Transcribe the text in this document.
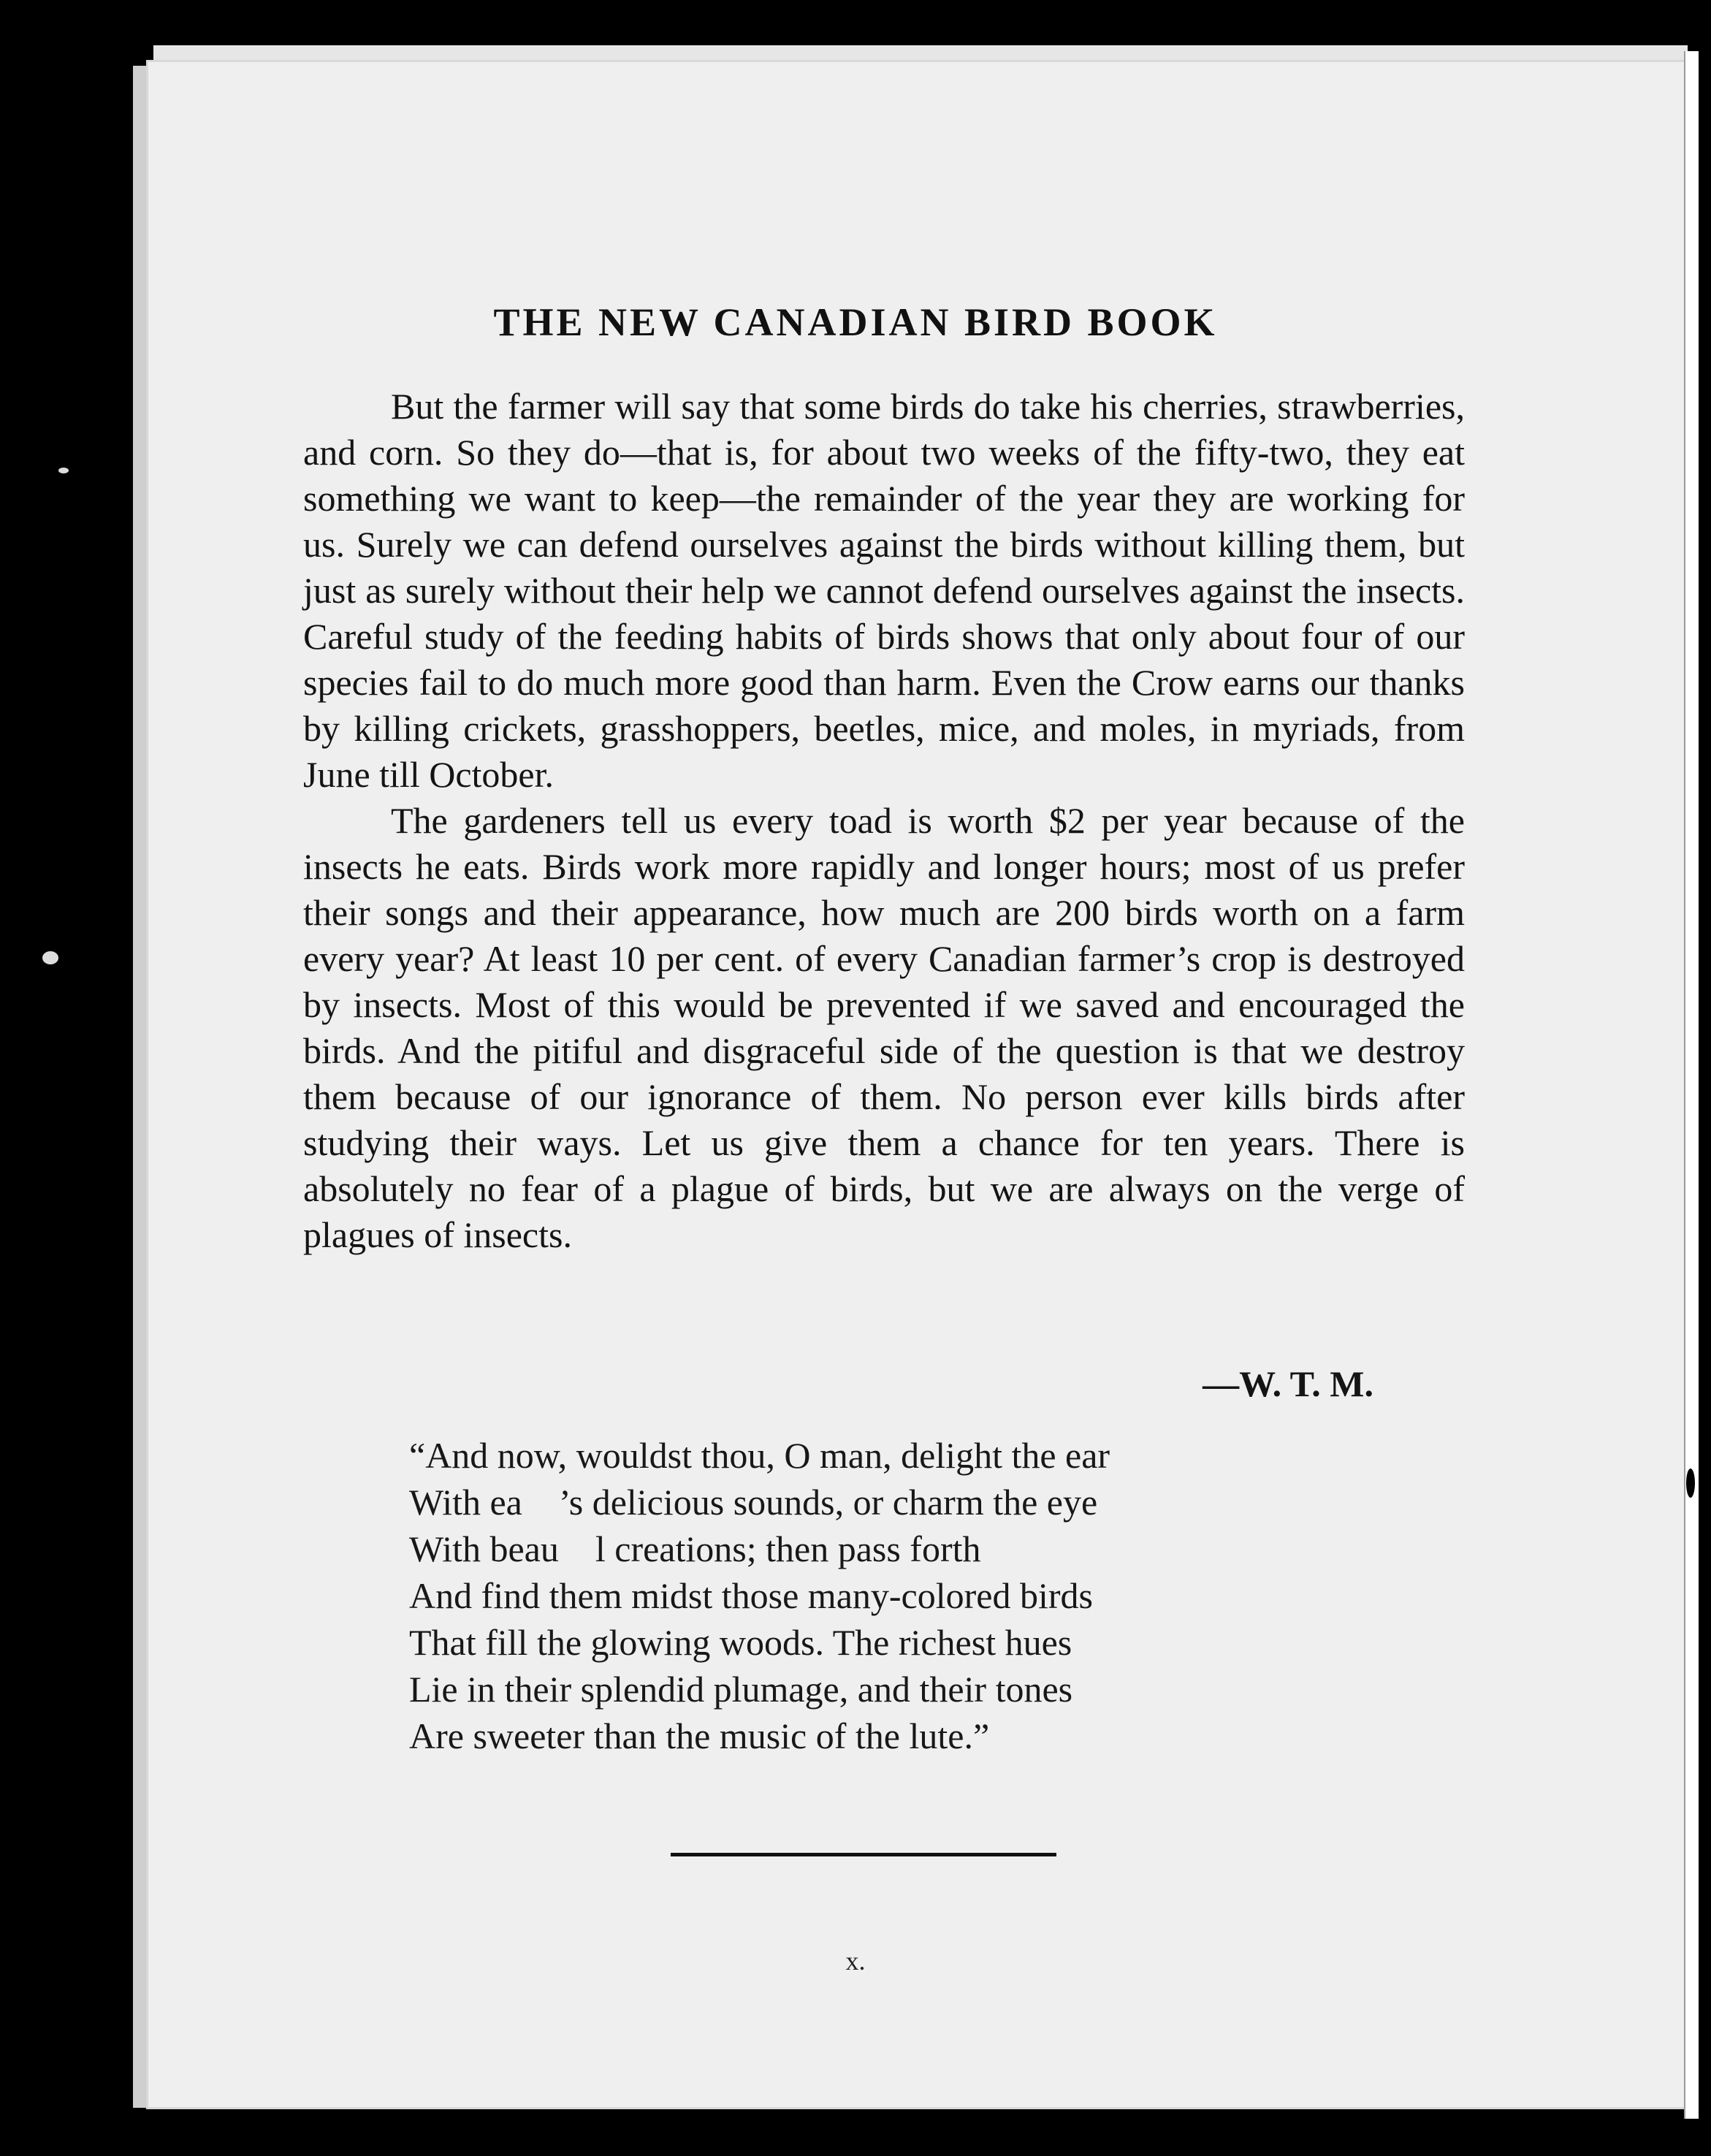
THE NEW CANADIAN BIRD BOOK

But the farmer will say that some birds do take his cherries, strawberries, and corn. So they do—that is, for about two weeks of the fifty-two, they eat something we want to keep—the remainder of the year they are working for us. Surely we can defend ourselves against the birds without killing them, but just as surely without their help we cannot defend ourselves against the insects. Careful study of the feeding habits of birds shows that only about four of our species fail to do much more good than harm. Even the Crow earns our thanks by killing crickets, grasshoppers, beetles, mice, and moles, in myriads, from June till October.

The gardeners tell us every toad is worth $2 per year because of the insects he eats. Birds work more rapidly and longer hours; most of us prefer their songs and their appearance, how much are 200 birds worth on a farm every year? At least 10 per cent. of every Canadian farmer’s crop is destroyed by insects. Most of this would be prevented if we saved and encouraged the birds. And the pitiful and disgraceful side of the question is that we destroy them because of our ignorance of them. No person ever kills birds after studying their ways. Let us give them a chance for ten years. There is absolutely no fear of a plague of birds, but we are always on the verge of plagues of insects.

—W. T. M.
“And now, wouldst thou, O man, delight the ear
With ea    ’s delicious sounds, or charm the eye
With beau    l creations; then pass forth
And find them midst those many-colored birds
That fill the glowing woods. The richest hues
Lie in their splendid plumage, and their tones
Are sweeter than the music of the lute.”
x.
